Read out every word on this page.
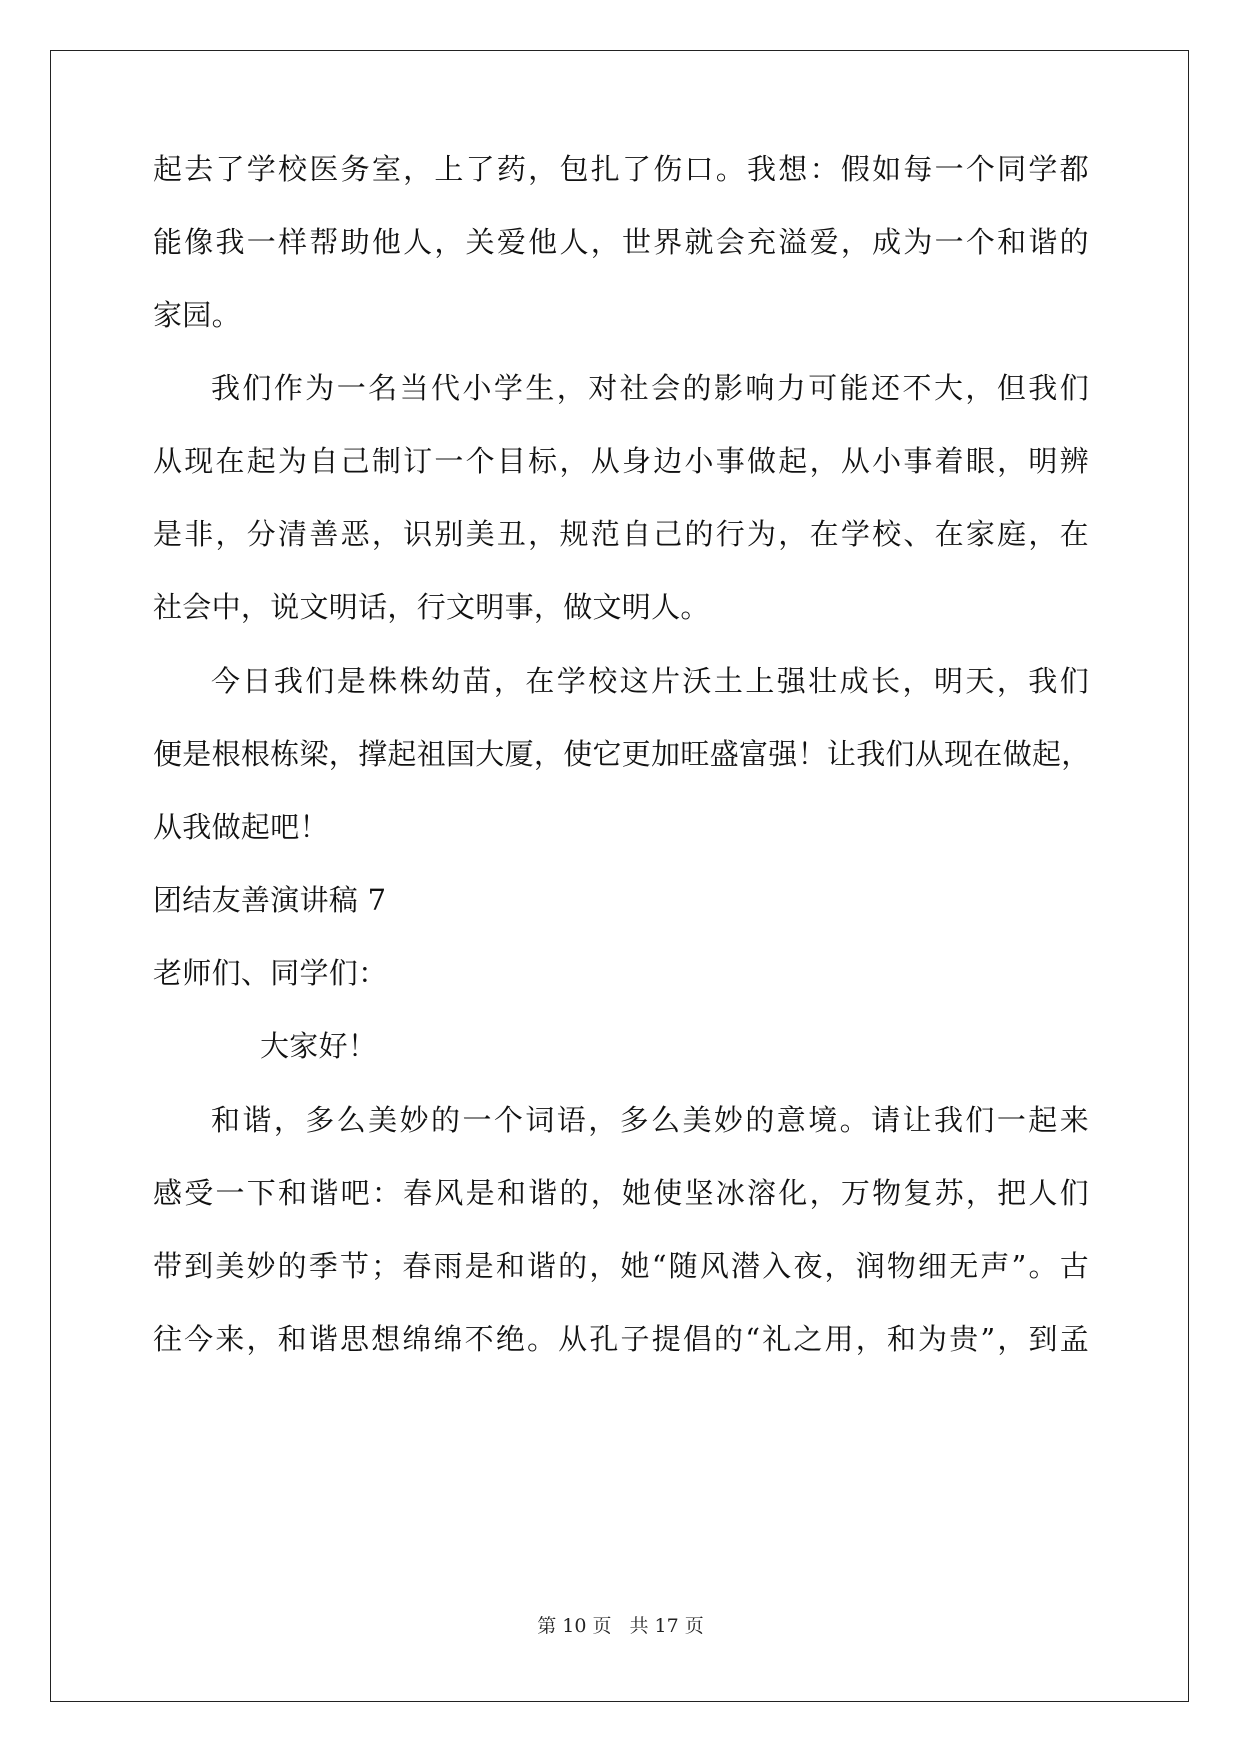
起去了学校医务室，上了药，包扎了伤口。我想：假如每一个同学都
能像我一样帮助他人，关爱他人，世界就会充溢爱，成为一个和谐的
家园。
我们作为一名当代小学生，对社会的影响力可能还不大，但我们
从现在起为自己制订一个目标，从身边小事做起，从小事着眼，明辨
是非，分清善恶，识别美丑，规范自己的行为，在学校、在家庭，在
社会中，说文明话，行文明事，做文明人。
今日我们是株株幼苗，在学校这片沃土上强壮成长，明天，我们
便是根根栋梁，撑起祖国大厦，使它更加旺盛富强！让我们从现在做起，
从我做起吧！
团结友善演讲稿 7
老师们、同学们：
大家好！
和谐，多么美妙的一个词语，多么美妙的意境。请让我们一起来
感受一下和谐吧：春风是和谐的，她使坚冰溶化，万物复苏，把人们
带到美妙的季节；春雨是和谐的，她“随风潜入夜，润物细无声”。古
往今来，和谐思想绵绵不绝。从孔子提倡的“礼之用，和为贵”，到孟
第 10 页 共 17 页
